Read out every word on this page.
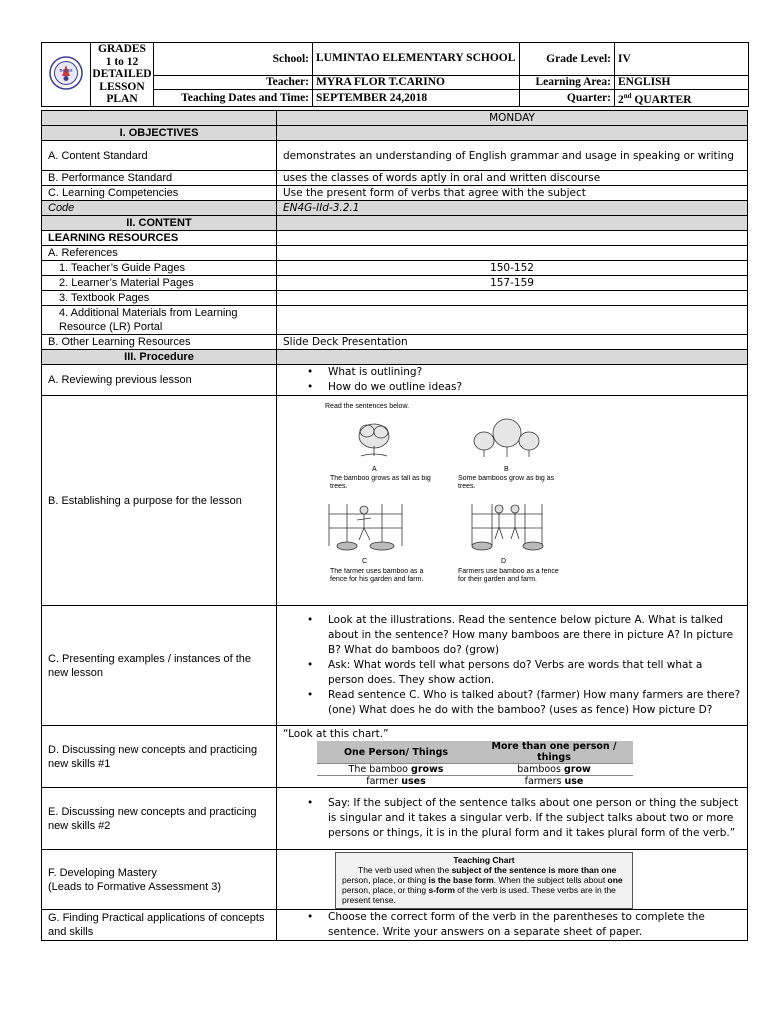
DepEd	GRADES
1 to 12
DETAILED
LESSON PLAN	School:	LUMINTAO ELEMENTARY SCHOOL	Grade Level:	IV

		Teacher:	MYRA FLOR T.CARINO	Learning Area:	ENGLISH
		Teaching Dates and Time:	SEPTEMBER 24,2018	Quarter:	2nd QUARTER
	MONDAY
I. OBJECTIVES	
A. Content Standard	demonstrates an understanding of English grammar and usage in speaking or writing
B. Performance Standard	uses the classes of words aptly in oral and written discourse
C. Learning Competencies	Use the present form of verbs that agree with the subject
Code	EN4G-IId-3.2.1
II. CONTENT	
LEARNING RESOURCES	
A. References	
1. Teacher’s Guide Pages	150-152
2. Learner’s Material Pages	157-159
3. Textbook Pages	
4. Additional Materials from Learning Resource (LR) Portal	
B. Other Learning Resources	Slide Deck Presentation
III. Procedure	
A. Reviewing previous lesson	
• What is outlining?
• How do we outline ideas?

B. Establishing a purpose for the lesson	
Read the sentences below.
A	B
The bamboo grows as tall as big trees.
Some bamboos grow as big as trees.
C	D
The farmer uses bamboo as a fence for his garden and farm.
Farmers use bamboo as a fence for their garden and farm.

C. Presenting examples / instances of the new lesson	
• Look at the illustrations. Read the sentence below picture A. What is talked about in the sentence? How many bamboos are there in picture A? In picture B? What do bamboos do? (grow)
• Ask: What words tell what persons do? Verbs are words that tell what a person does. They show action.
• Read sentence C. Who is talked about? (farmer) How many farmers are there? (one) What does he do with the bamboo? (uses as fence) How picture D?

D. Discussing new concepts and practicing new skills #1	
“Look at this chart.”
One Person/ Things	More than one person / things
The bamboo grows	bamboos grow
farmer uses	farmers use

E. Discussing new concepts and practicing new skills #2	
• Say: If the subject of the sentence talks about one person or thing the subject is singular and it takes a singular verb. If the subject talks about two or more persons or things, it is in the plural form and it takes plural form of the verb.”

F. Developing Mastery
(Leads to Formative Assessment 3)

Teaching Chart
The verb used when the subject of the sentence is more than one person, place, or thing is the base form. When the subject tells about one person, place, or thing s-form of the verb is used. These verbs are in the present tense.

G. Finding Practical applications of concepts and skills	
• Choose the correct form of the verb in the parentheses to complete the sentence. Write your answers on a separate sheet of paper.
